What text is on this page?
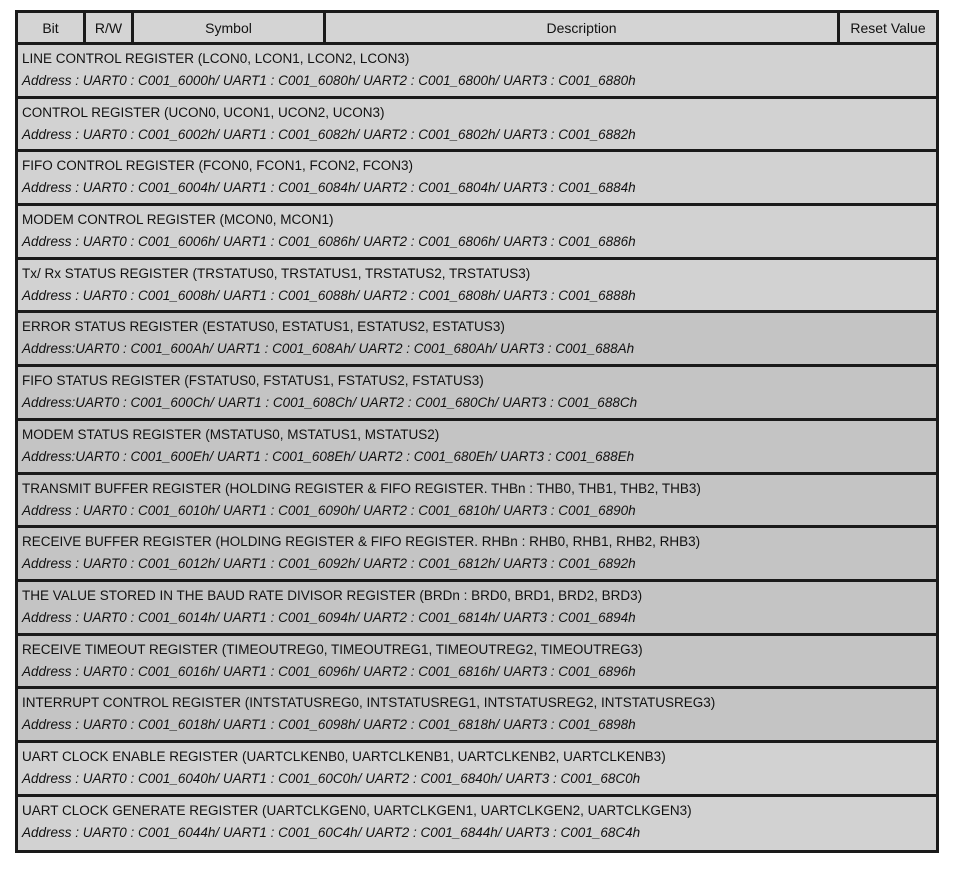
Bit	R/W	Symbol	Description	Reset Value
LINE CONTROL REGISTER (LCON0, LCON1, LCON2, LCON3)
Address : UART0 : C001_6000h/ UART1 : C001_6080h/ UART2 : C001_6800h/ UART3 : C001_6880h
CONTROL REGISTER (UCON0, UCON1, UCON2, UCON3)
Address : UART0 : C001_6002h/ UART1 : C001_6082h/ UART2 : C001_6802h/ UART3 : C001_6882h
FIFO CONTROL REGISTER (FCON0, FCON1, FCON2, FCON3)
Address : UART0 : C001_6004h/ UART1 : C001_6084h/ UART2 : C001_6804h/ UART3 : C001_6884h
MODEM CONTROL REGISTER (MCON0, MCON1)
Address : UART0 : C001_6006h/ UART1 : C001_6086h/ UART2 : C001_6806h/ UART3 : C001_6886h
Tx/ Rx STATUS REGISTER (TRSTATUS0, TRSTATUS1, TRSTATUS2, TRSTATUS3)
Address : UART0 : C001_6008h/ UART1 : C001_6088h/ UART2 : C001_6808h/ UART3 : C001_6888h
ERROR STATUS REGISTER (ESTATUS0, ESTATUS1, ESTATUS2, ESTATUS3)
Address:UART0 : C001_600Ah/ UART1 : C001_608Ah/ UART2 : C001_680Ah/ UART3 : C001_688Ah
FIFO STATUS REGISTER (FSTATUS0, FSTATUS1, FSTATUS2, FSTATUS3)
Address:UART0 : C001_600Ch/ UART1 : C001_608Ch/ UART2 : C001_680Ch/ UART3 : C001_688Ch
MODEM STATUS REGISTER (MSTATUS0, MSTATUS1, MSTATUS2)
Address:UART0 : C001_600Eh/ UART1 : C001_608Eh/ UART2 : C001_680Eh/ UART3 : C001_688Eh
TRANSMIT BUFFER REGISTER (HOLDING REGISTER & FIFO REGISTER. THBn : THB0, THB1, THB2, THB3)
Address : UART0 : C001_6010h/ UART1 : C001_6090h/ UART2 : C001_6810h/ UART3 : C001_6890h
RECEIVE BUFFER REGISTER (HOLDING REGISTER & FIFO REGISTER. RHBn : RHB0, RHB1, RHB2, RHB3)
Address : UART0 : C001_6012h/ UART1 : C001_6092h/ UART2 : C001_6812h/ UART3 : C001_6892h
THE VALUE STORED IN THE BAUD RATE DIVISOR REGISTER (BRDn : BRD0, BRD1, BRD2, BRD3)
Address : UART0 : C001_6014h/ UART1 : C001_6094h/ UART2 : C001_6814h/ UART3 : C001_6894h
RECEIVE TIMEOUT REGISTER (TIMEOUTREG0, TIMEOUTREG1, TIMEOUTREG2, TIMEOUTREG3)
Address : UART0 : C001_6016h/ UART1 : C001_6096h/ UART2 : C001_6816h/ UART3 : C001_6896h
INTERRUPT CONTROL REGISTER (INTSTATUSREG0, INTSTATUSREG1, INTSTATUSREG2, INTSTATUSREG3)
Address : UART0 : C001_6018h/ UART1 : C001_6098h/ UART2 : C001_6818h/ UART3 : C001_6898h
UART CLOCK ENABLE REGISTER (UARTCLKENB0, UARTCLKENB1, UARTCLKENB2, UARTCLKENB3)
Address : UART0 : C001_6040h/ UART1 : C001_60C0h/ UART2 : C001_6840h/ UART3 : C001_68C0h
UART CLOCK GENERATE REGISTER (UARTCLKGEN0, UARTCLKGEN1, UARTCLKGEN2, UARTCLKGEN3)
Address : UART0 : C001_6044h/ UART1 : C001_60C4h/ UART2 : C001_6844h/ UART3 : C001_68C4h
